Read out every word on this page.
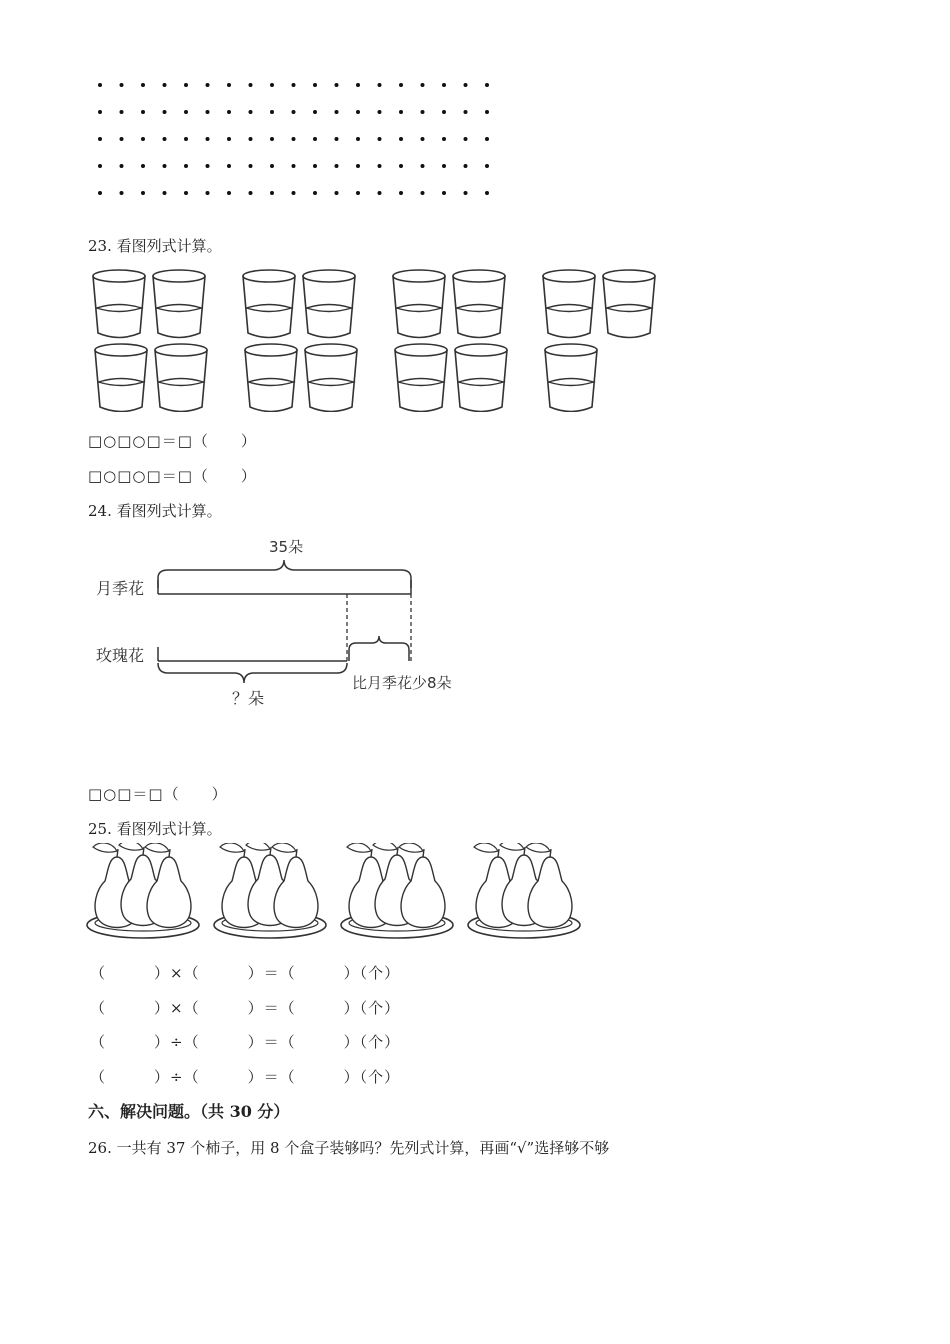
23. 看图列式计算。
□○□○□＝□（　　）
□○□○□＝□（　　）
24. 看图列式计算。
35朵
月季花
玫瑰花
？朵
比月季花少8朵
□○□＝□（　　）
25. 看图列式计算。
（　　　）×（　　　）＝（　　　）（个）
（　　　）×（　　　）＝（　　　）（个）
（　　　）÷（　　　）＝（　　　）（个）
（　　　）÷（　　　）＝（　　　）（个）
六、解决问题。（共 30 分）
26. 一共有 37 个柿子，用 8 个盒子装够吗？先列式计算，再画“√”选择够不够
